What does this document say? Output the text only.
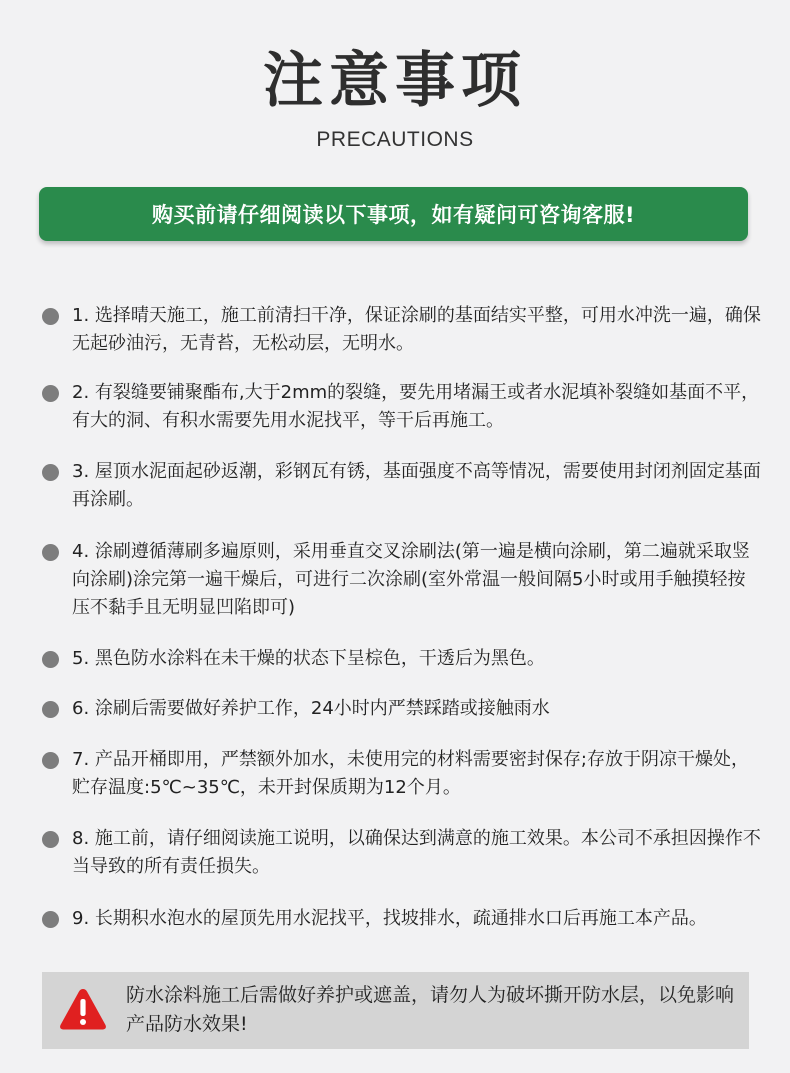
注意事项
PRECAUTIONS
购买前请仔细阅读以下事项，如有疑问可咨询客服!
1. 选择晴天施工，施工前清扫干净，保证涂刷的基面结实平整，可用水冲洗一遍，确保无起砂油污，无青苔，无松动层，无明水。
2. 有裂缝要铺聚酯布,大于2mm的裂缝，要先用堵漏王或者水泥填补裂缝如基面不平，有大的洞、有积水需要先用水泥找平，等干后再施工。
3. 屋顶水泥面起砂返潮，彩钢瓦有锈，基面强度不高等情况，需要使用封闭剂固定基面再涂刷。
4. 涂刷遵循薄刷多遍原则，采用垂直交叉涂刷法(第一遍是横向涂刷，第二遍就采取竖向涂刷)涂完第一遍干燥后，可进行二次涂刷(室外常温一般间隔5小时或用手触摸轻按压不黏手且无明显凹陷即可)
5. 黑色防水涂料在未干燥的状态下呈棕色，干透后为黑色。
6. 涂刷后需要做好养护工作，24小时内严禁踩踏或接触雨水
7. 产品开桶即用，严禁额外加水，未使用完的材料需要密封保存;存放于阴凉干燥处，贮存温度:5℃~35℃，未开封保质期为12个月。
8. 施工前，请仔细阅读施工说明，以确保达到满意的施工效果。本公司不承担因操作不当导致的所有责任损失。
9. 长期积水泡水的屋顶先用水泥找平，找坡排水，疏通排水口后再施工本产品。
防水涂料施工后需做好养护或遮盖，请勿人为破坏撕开防水层，以免影响产品防水效果!
